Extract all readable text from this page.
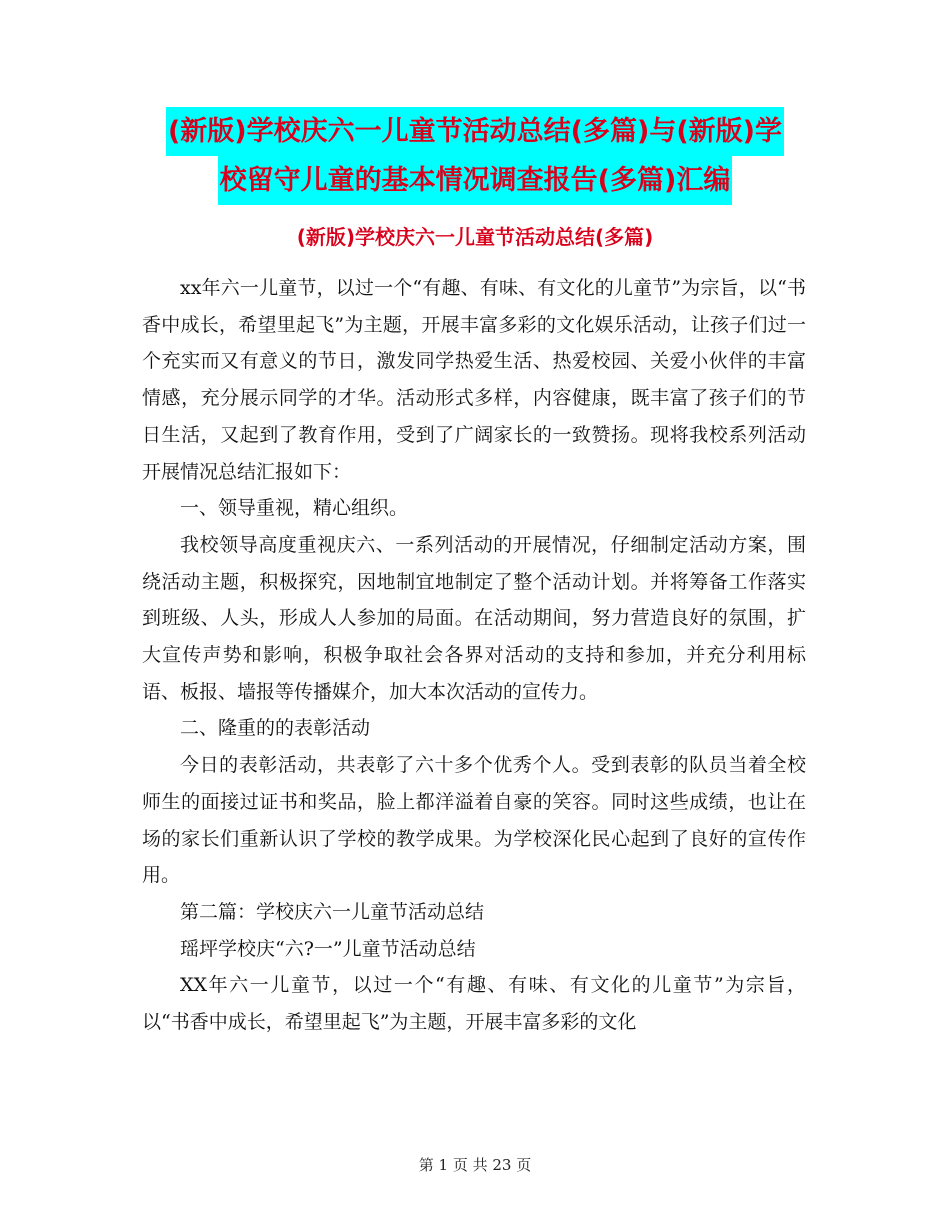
(新版)学校庆六一儿童节活动总结(多篇)与(新版)学
校留守儿童的基本情况调查报告(多篇)汇编
(新版)学校庆六一儿童节活动总结(多篇)

xx年六一儿童节，以过一个“有趣、有味、有文化的儿童节”为宗旨，以“书香中成长，希望里起飞”为主题，开展丰富多彩的文化娱乐活动，让孩子们过一个充实而又有意义的节日，激发同学热爱生活、热爱校园、关爱小伙伴的丰富情感，充分展示同学的才华。活动形式多样，内容健康，既丰富了孩子们的节日生活，又起到了教育作用，受到了广阔家长的一致赞扬。现将我校系列活动开展情况总结汇报如下：

一、领导重视，精心组织。

我校领导高度重视庆六、一系列活动的开展情况，仔细制定活动方案，围绕活动主题，积极探究，因地制宜地制定了整个活动计划。并将筹备工作落实到班级、人头，形成人人参加的局面。在活动期间，努力营造良好的氛围，扩大宣传声势和影响，积极争取社会各界对活动的支持和参加，并充分利用标语、板报、墙报等传播媒介，加大本次活动的宣传力。

二、隆重的的表彰活动

今日的表彰活动，共表彰了六十多个优秀个人。受到表彰的队员当着全校师生的面接过证书和奖品，脸上都洋溢着自豪的笑容。同时这些成绩，也让在场的家长们重新认识了学校的教学成果。为学校深化民心起到了良好的宣传作用。

第二篇：学校庆六一儿童节活动总结

瑶坪学校庆“六?一”儿童节活动总结

XX年六一儿童节，以过一个“有趣、有味、有文化的儿童节”为宗旨，以“书香中成长，希望里起飞”为主题，开展丰富多彩的文化

第 1 页 共 23 页
